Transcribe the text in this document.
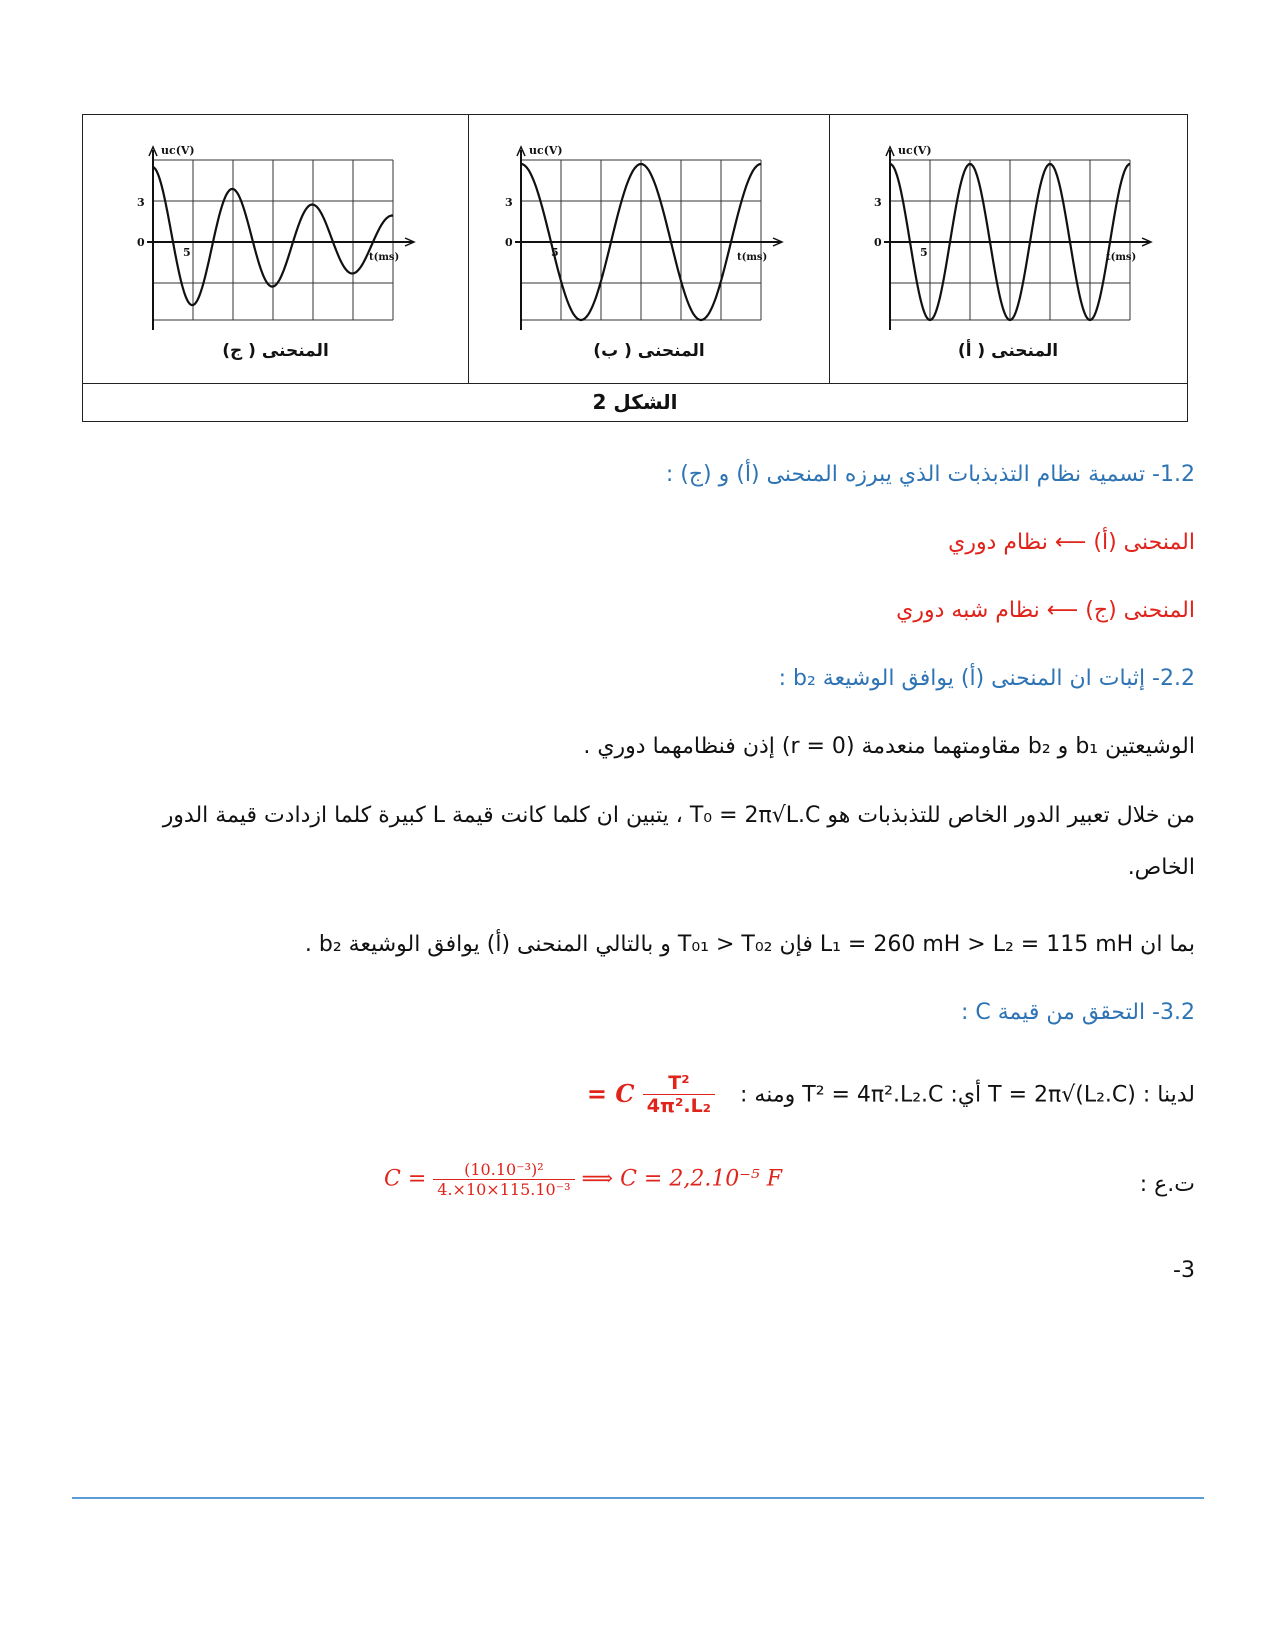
uc(V)
3
0
5	t(ms)
المنحنى ( ج)
uc(V)
3
0
5	t(ms)
المنحنى ( ب)
uc(V)
3
0
5	t(ms)
المنحنى ( أ)
الشكل 2
1.2- تسمية نظام التذبذبات الذي يبرزه المنحنى (أ) و (ج) :
المنحنى (أ) ⟵ نظام دوري
المنحنى (ج) ⟵ نظام شبه دوري
2.2- إثبات ان المنحنى (أ) يوافق الوشيعة b₂ :
الوشيعتين b₁ و b₂ مقاومتهما منعدمة (r = 0) إذن فنظامهما دوري .
من خلال تعبير الدور الخاص للتذبذبات هو T₀ = 2π√L.C ، يتبين ان كلما كانت قيمة L كبيرة كلما ازدادت قيمة الدور الخاص.
بما ان L₁ = 260 mH > L₂ = 115 mH فإن T₀₁ > T₀₂ و بالتالي المنحنى (أ) يوافق الوشيعة b₂ .
3.2- التحقق من قيمة C :
لدينا : T = 2π√(L₂.C) أي: T² = 4π².L₂.C ومنه :
$\frac{\text{T²}}{\text{4π².L₂}}$
C =
ت.ع :
$C = \frac{\text{(10.10⁻³)²}}{\text{4.×10×115.10⁻³}}$ ⟹ C = 2,2.10⁻⁵ F
3-
